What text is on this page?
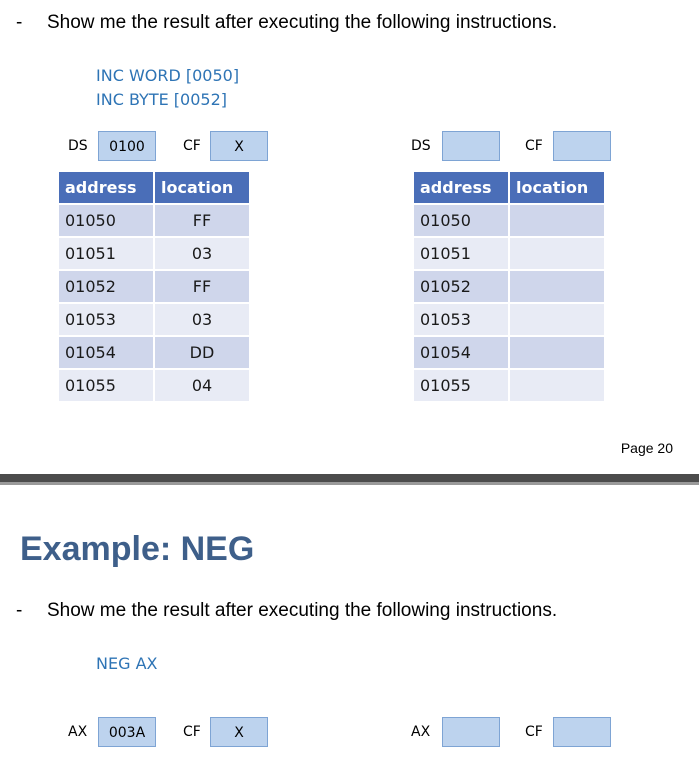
- Show me the result after executing the following instructions.
INC WORD [0050]
INC BYTE [0052]
DS	0100	CF	X	DS	CF
address	location
01050	FF
01051	03
01052	FF
01053	03
01054	DD
01055	04
address	location
01050	
01051	
01052	
01053	
01054	
01055	
Page 20
Example: NEG
- Show me the result after executing the following instructions.
NEG AX
AX	003A	CF	X	AX	CF
